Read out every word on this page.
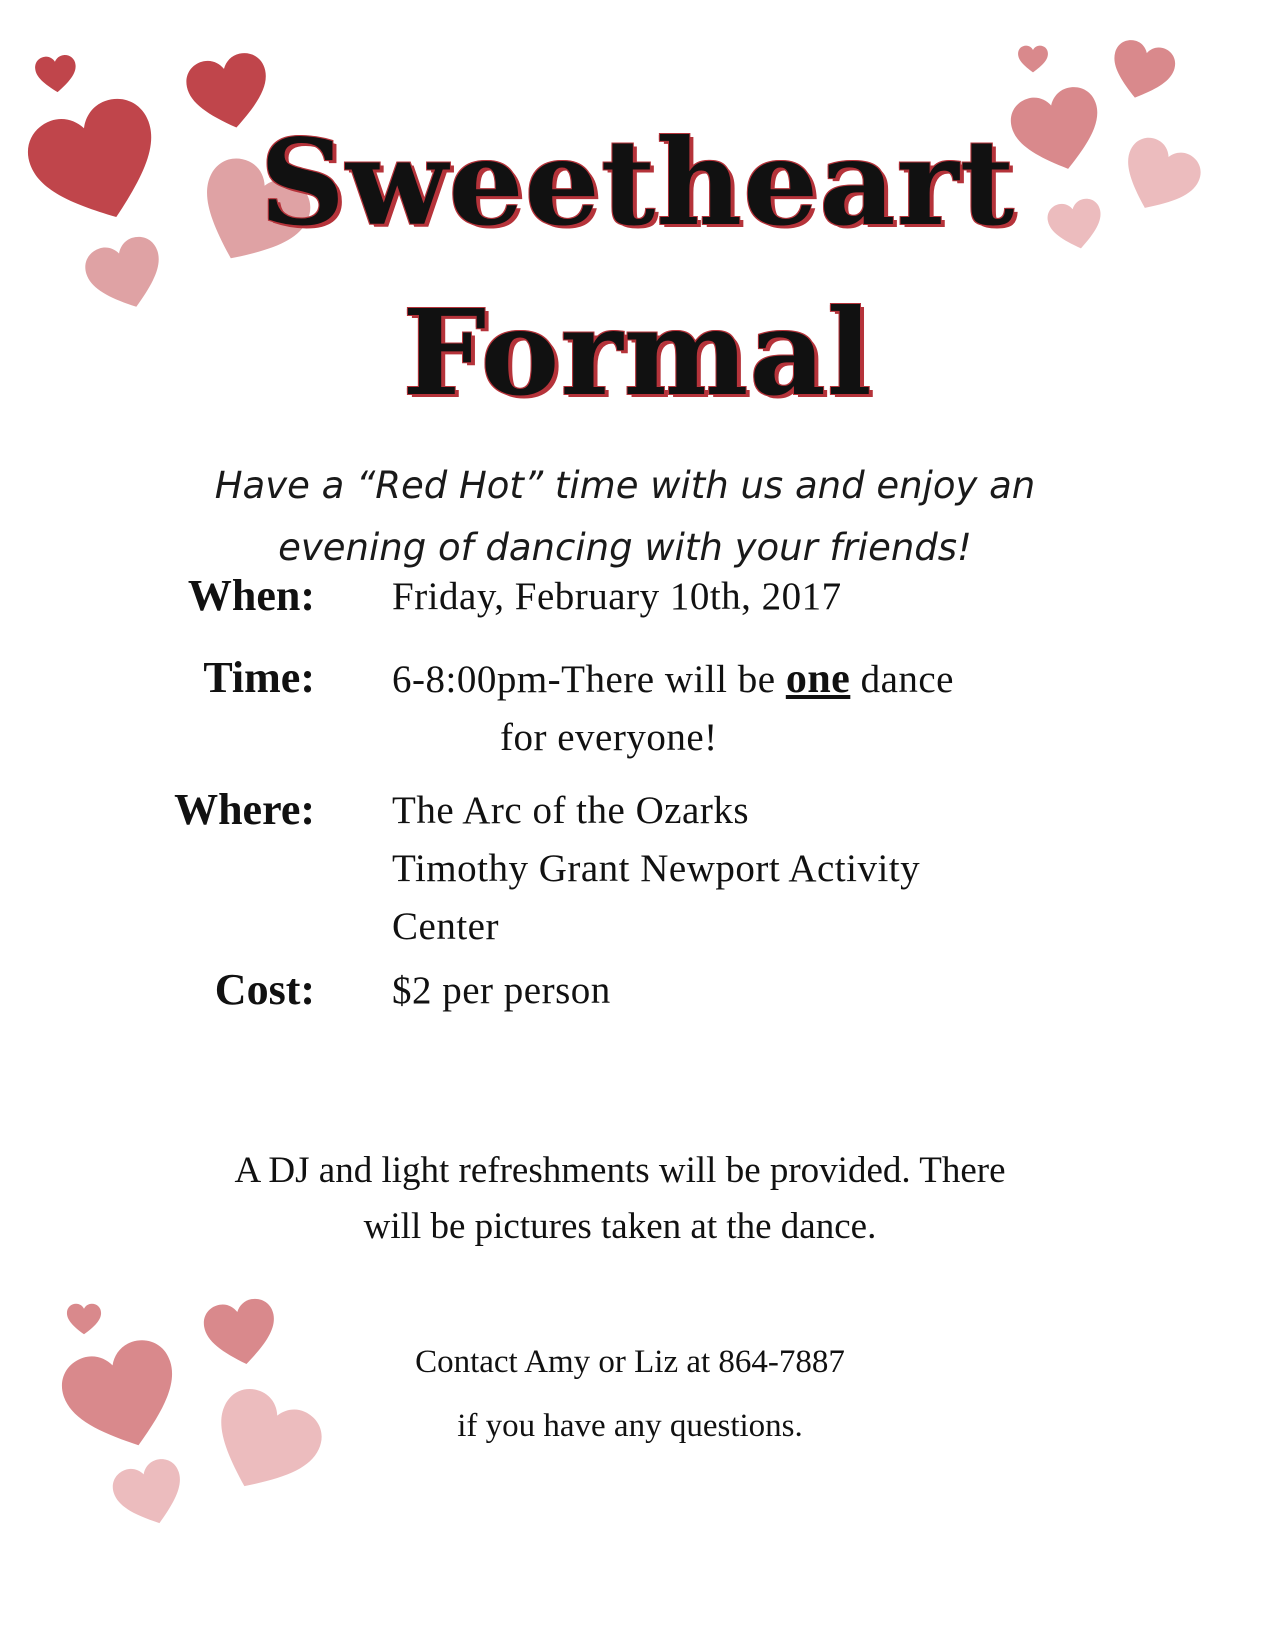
Sweetheart
Formal
Have a “Red Hot” time with us and enjoy an
evening of dancing with your friends!
When: Friday, February 10th, 2017
Time: 6-8:00pm-There will be one dance
for everyone!
Where: The Arc of the Ozarks
Timothy Grant Newport Activity
Center
Cost: $2 per person
A DJ and light refreshments will be provided. There
will be pictures taken at the dance.
Contact Amy or Liz at 864-7887
if you have any questions.
